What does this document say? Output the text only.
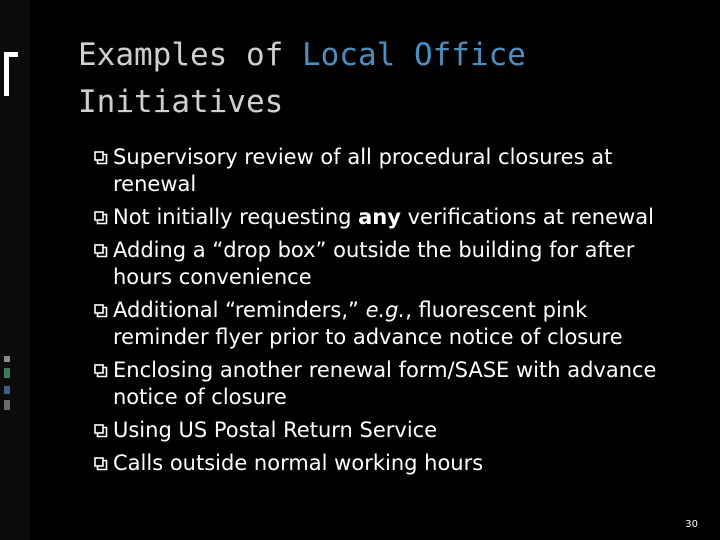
Examples of Local Office
Initiatives
Supervisory review of all procedural closures at renewal
Not initially requesting any verifications at renewal
Adding a “drop box” outside the building for after hours convenience
Additional “reminders,” e.g., fluorescent pink reminder flyer prior to advance notice of closure
Enclosing another renewal form/SASE with advance notice of closure
Using US Postal Return Service
Calls outside normal working hours
30
